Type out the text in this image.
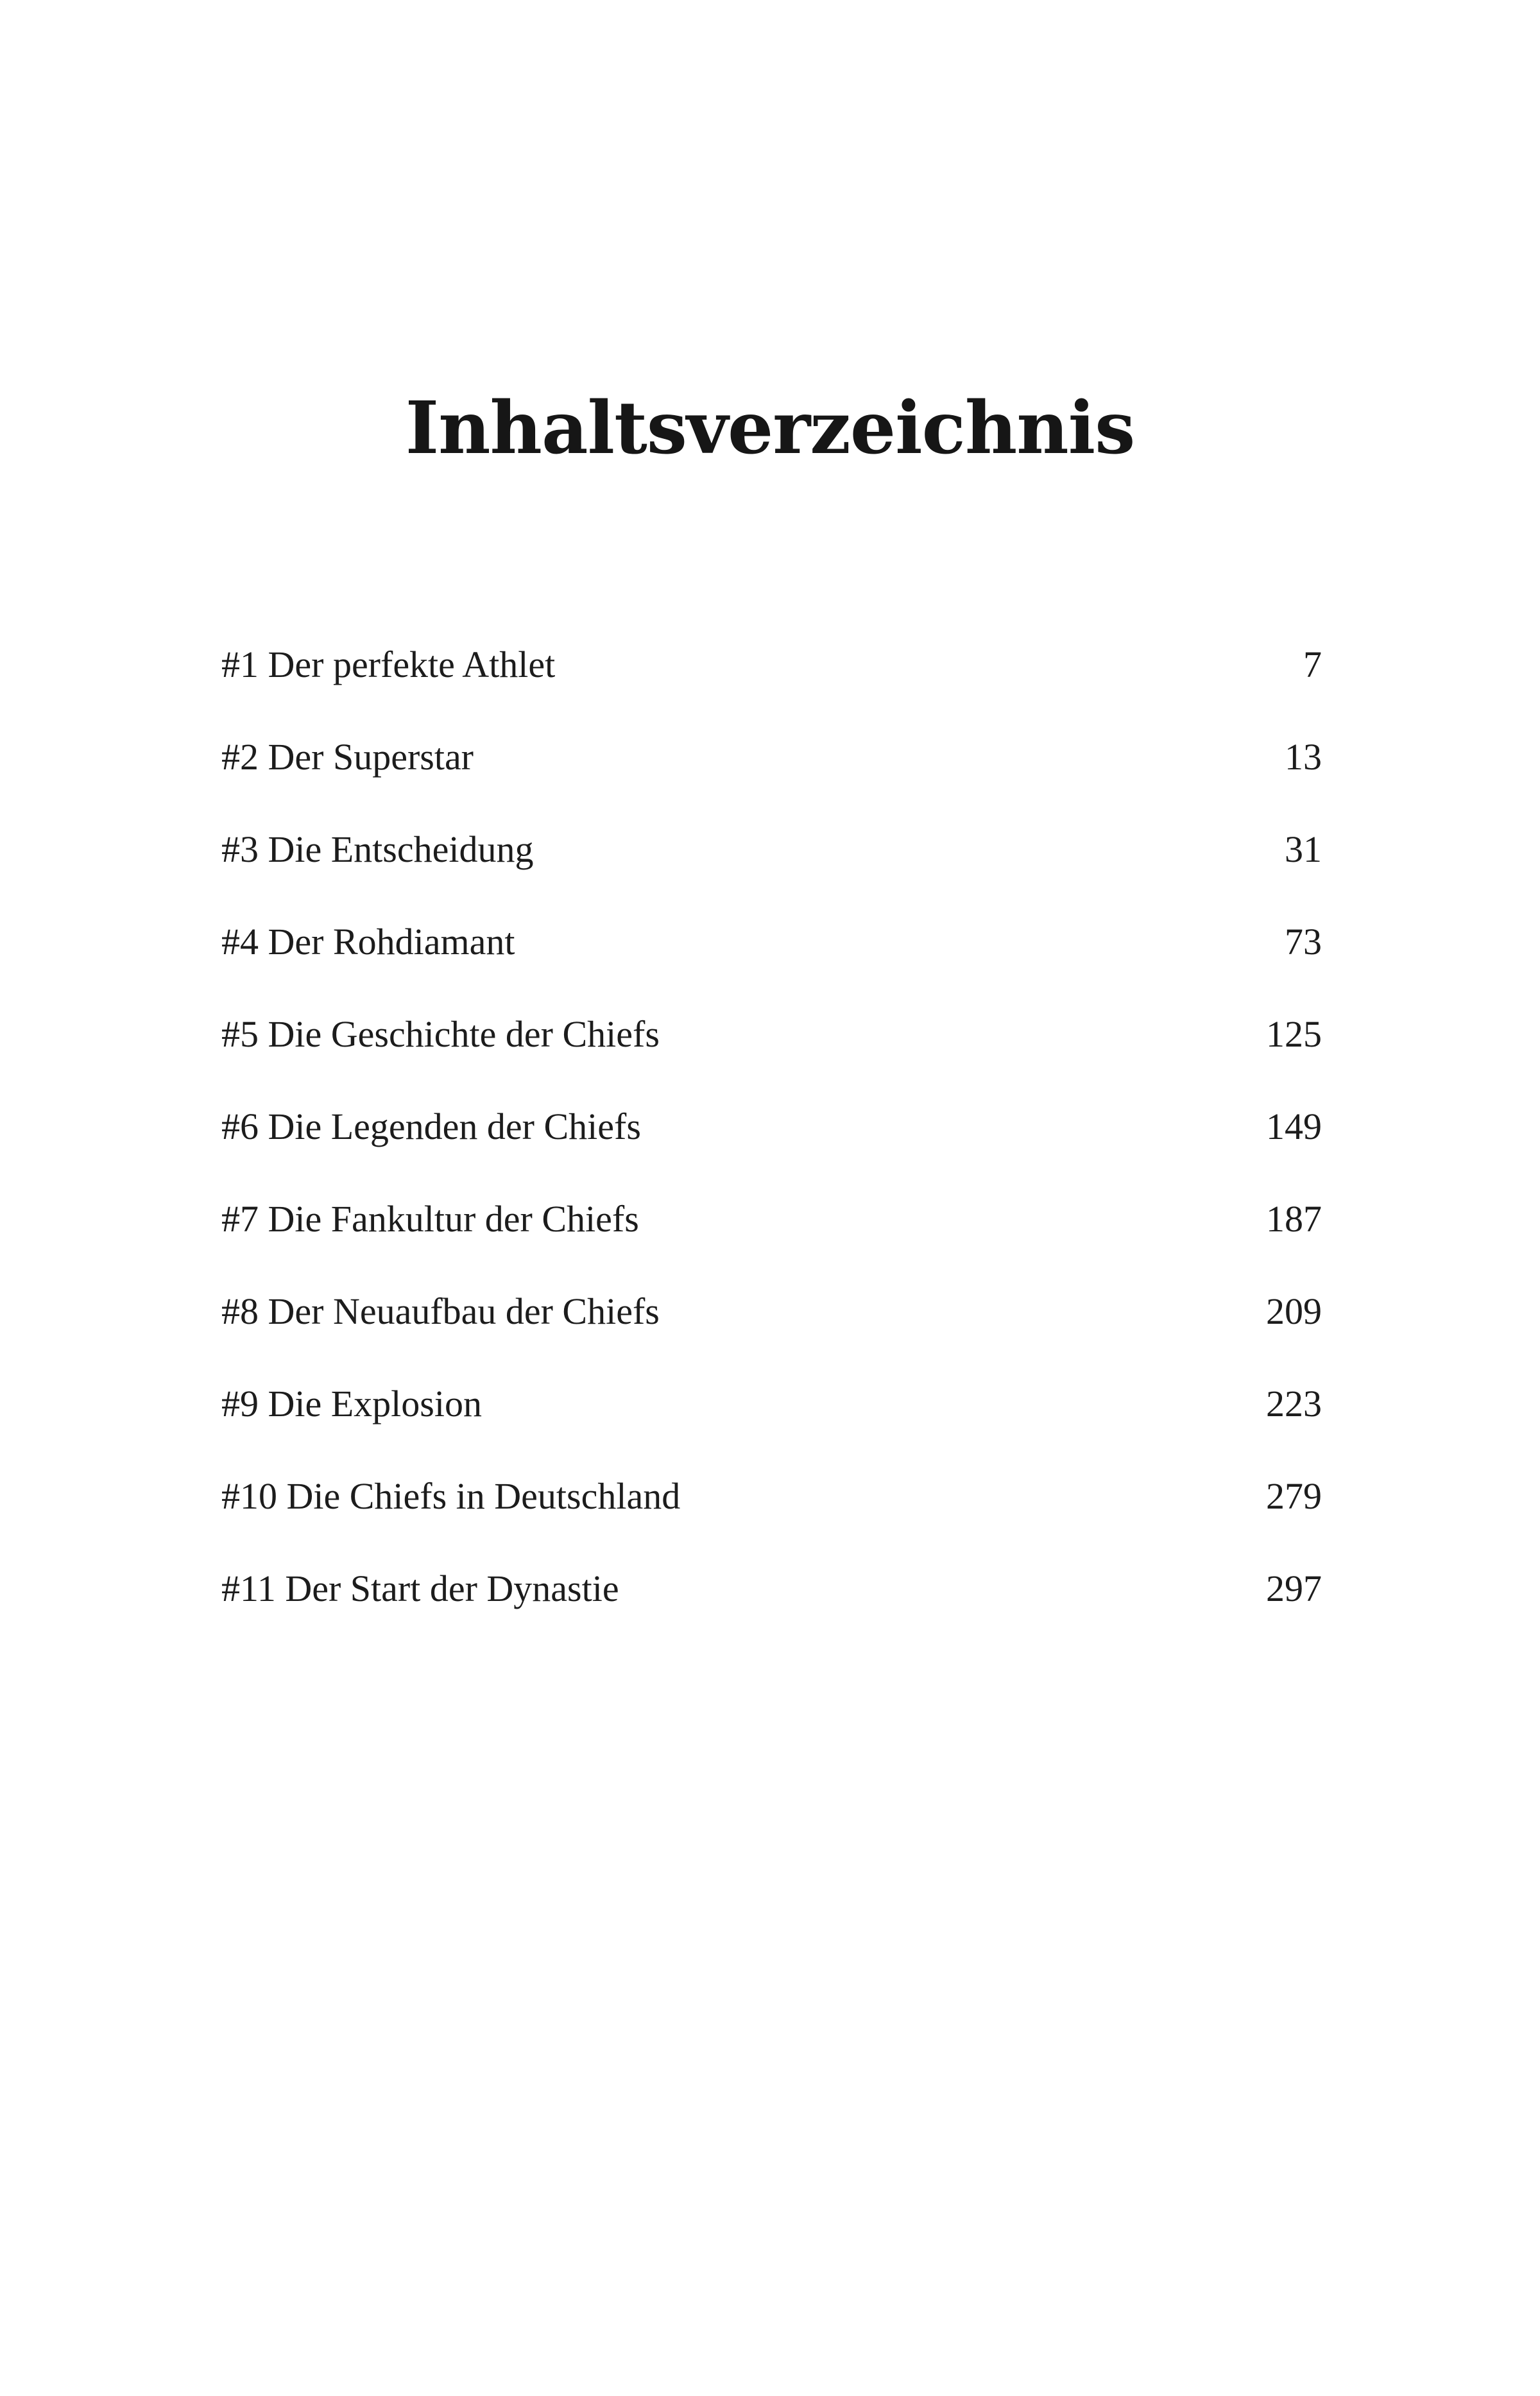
Inhaltsverzeichnis
#1 Der perfekte Athlet	7
#2 Der Superstar	13
#3 Die Entscheidung	31
#4 Der Rohdiamant	73
#5 Die Geschichte der Chiefs	125
#6 Die Legenden der Chiefs	149
#7 Die Fankultur der Chiefs	187
#8 Der Neuaufbau der Chiefs	209
#9 Die Explosion	223
#10 Die Chiefs in Deutschland	279
#11 Der Start der Dynastie	297
